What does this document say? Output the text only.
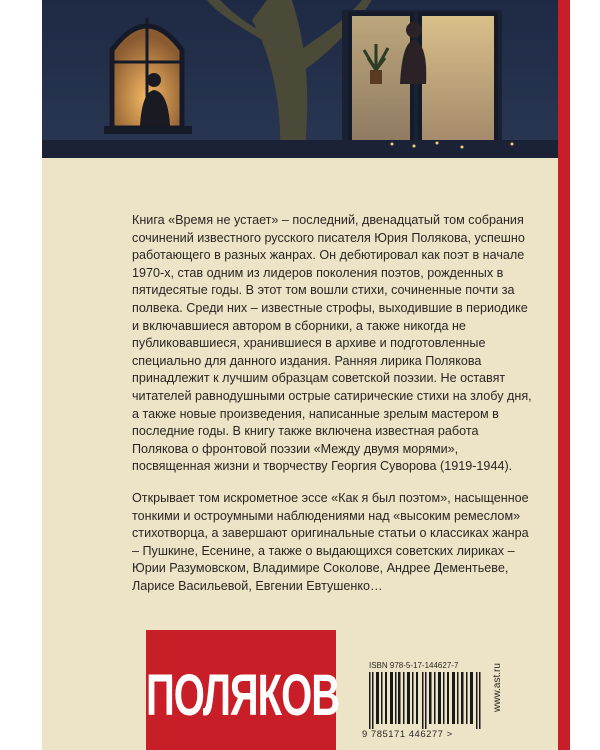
Книга «Время не устает» – последний, двенадцатый том собрания сочинений известного русского писателя Юрия Полякова, успешно работающего в разных жанрах. Он дебютировал как поэт в начале 1970-х, став одним из лидеров поколения поэтов, рожденных в пятидесятые годы. В этот том вошли стихи, сочиненные почти за полвека. Среди них – известные строфы, выходившие в периодике и включавшиеся автором в сборники, а также никогда не публиковавшиеся, хранившиеся в архиве и подготовленные специально для данного издания. Ранняя лирика Полякова принадлежит к лучшим образцам советской поэзии. Не оставят читателей равнодушными острые сатирические стихи на злобу дня, а также новые произведения, написанные зрелым мастером в последние годы. В книгу также включена известная работа Полякова о фронтовой поэзии «Между двумя морями», посвященная жизни и творчеству Георгия Суворова (1919-1944).

Открывает том искрометное эссе «Как я был поэтом», насыщенное тонкими и остроумными наблюдениями над «высоким ремеслом» стихотворца, а завершают оригинальные статьи о классиках жанра – Пушкине, Есенине, а также о выдающихся советских лириках – Юрии Разумовском, Владимире Соколове, Андрее Дементьеве, Ларисе Васильевой, Евгении Евтушенко…

ПОЛЯКОВ	ISBN 978-5-17-144627-7
9 785171 446277 >
www.ast.ru
